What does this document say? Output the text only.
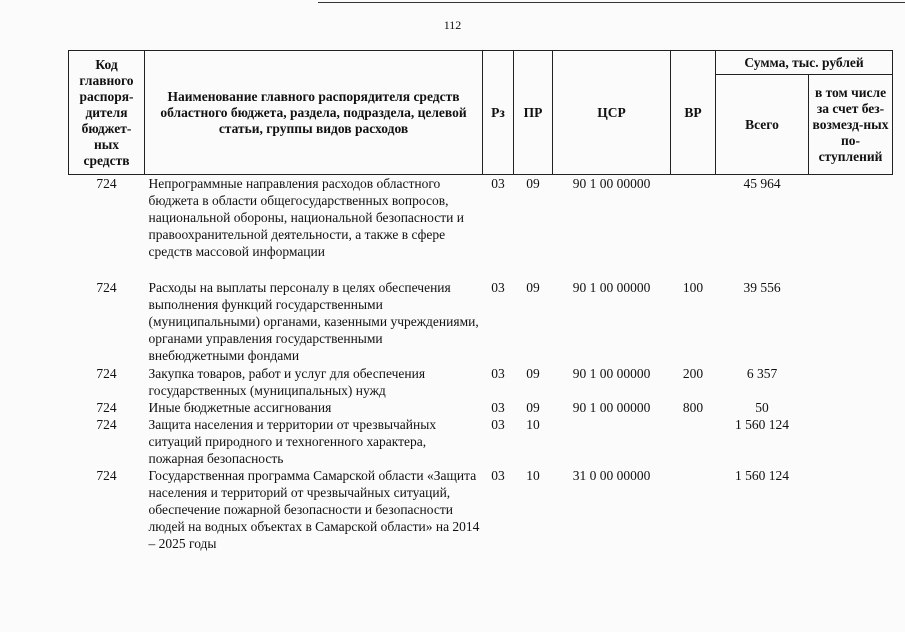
112
Код главного распоря-дителя бюджет-ных средств	Наименование главного распорядителя средств областного бюджета, раздела, подраздела, целевой статьи, группы видов расходов	Рз	ПР	ЦСР	ВР	Сумма, тыс. рублей	
						Всего	в том числе за счет без-возмезд-ных по-ступлений
724	Непрограммные направления расходов областного бюджета в области общегосударственных вопросов, национальной обороны, национальной безопасности и правоохранительной деятельности, а также в сфере средств массовой информации	03	09	90 1 00 00000		45 964	
724	Расходы на выплаты персоналу в целях обеспечения выполнения функций государственными (муниципальными) органами, казенными учреждениями, органами управления государственными внебюджетными фондами	03	09	90 1 00 00000	100	39 556	
724	Закупка товаров, работ и услуг для обеспечения государственных (муниципальных) нужд	03	09	90 1 00 00000	200	6 357	
724	Иные бюджетные ассигнования	03	09	90 1 00 00000	800	50	
724	Защита населения и территории от чрезвычайных ситуаций природного и техногенного характера, пожарная безопасность	03	10			1 560 124	
724	Государственная программа Самарской области «Защита населения и территорий от чрезвычайных ситуаций, обеспечение пожарной безопасности и безопасности людей на водных объектах в Самарской области» на 2014 – 2025 годы	03	10	31 0 00 00000		1 560 124	
